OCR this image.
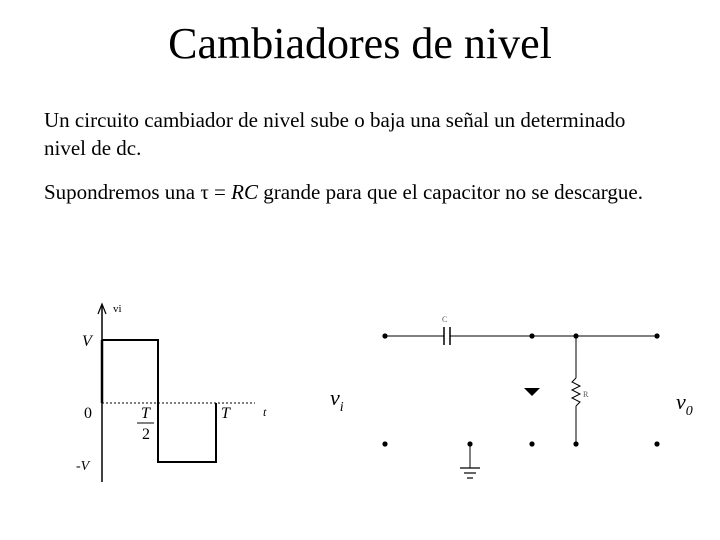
Cambiadores de nivel
Un circuito cambiador de nivel sube o baja una señal un determinado nivel de dc.
Supondremos una τ = RC grande para que el capacitor no se descargue.
vi
V
0
-V
T
2
T	t
C
R
$v_i$	$v_0$
